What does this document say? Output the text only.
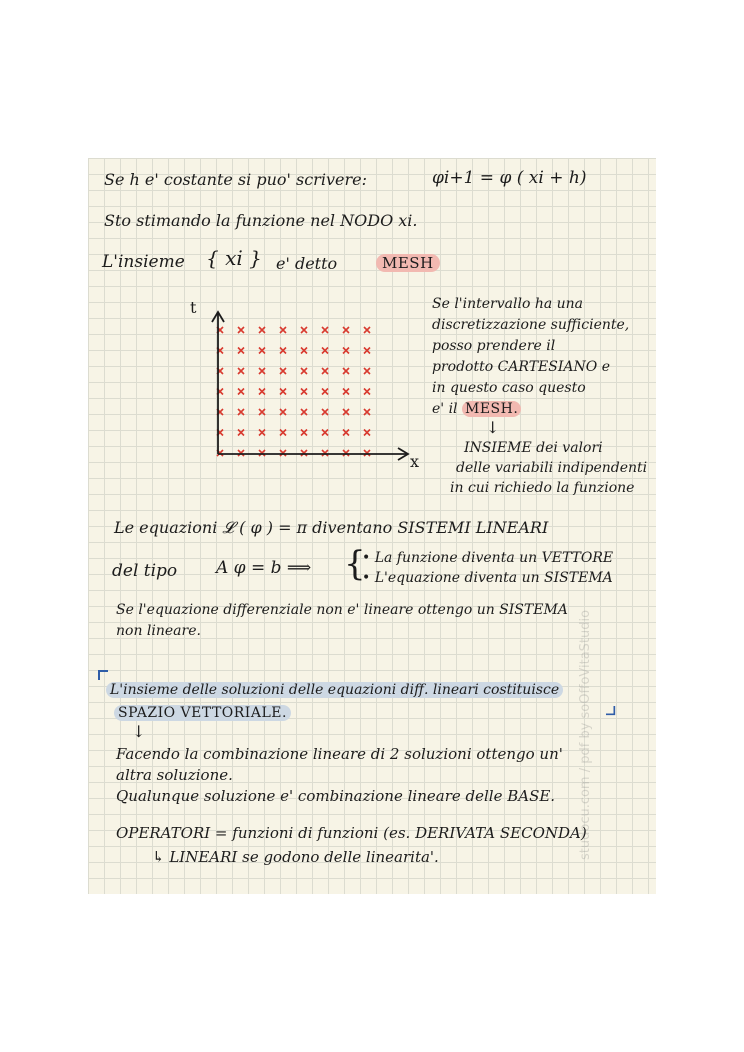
Se h e' costante si puo' scrivere:	φi+1 = φ ( xi + h)
Sto stimando la funzione nel NODO xi.
L'insieme { xi } e' detto	MESH
t
x
Se l'intervallo ha una
discretizzazione sufficiente,
posso prendere il
prodotto CARTESIANO e
in questo caso questo
e' il MESH.
↓
INSIEME dei valori
delle variabili indipendenti
in cui richiedo la funzione
Le equazioni 𝓛 ( φ ) = π diventano SISTEMI LINEARI
del tipo A φ = b ⟹ {
• La funzione diventa un VETTORE
• L'equazione diventa un SISTEMA
Se l'equazione differenziale non e' lineare ottengo un SISTEMA
non lineare.
L'insieme delle soluzioni delle equazioni diff. lineari costituisce
SPAZIO VETTORIALE.
↓
Facendo la combinazione lineare di 2 soluzioni ottengo un'
altra soluzione.
Qualunque soluzione e' combinazione lineare delle BASE.
OPERATORI = funzioni di funzioni (es. DERIVATA SECONDA)
↳ LINEARI se godono delle linearita'.	studocu.com / pdf by soOffoVitaStudio
